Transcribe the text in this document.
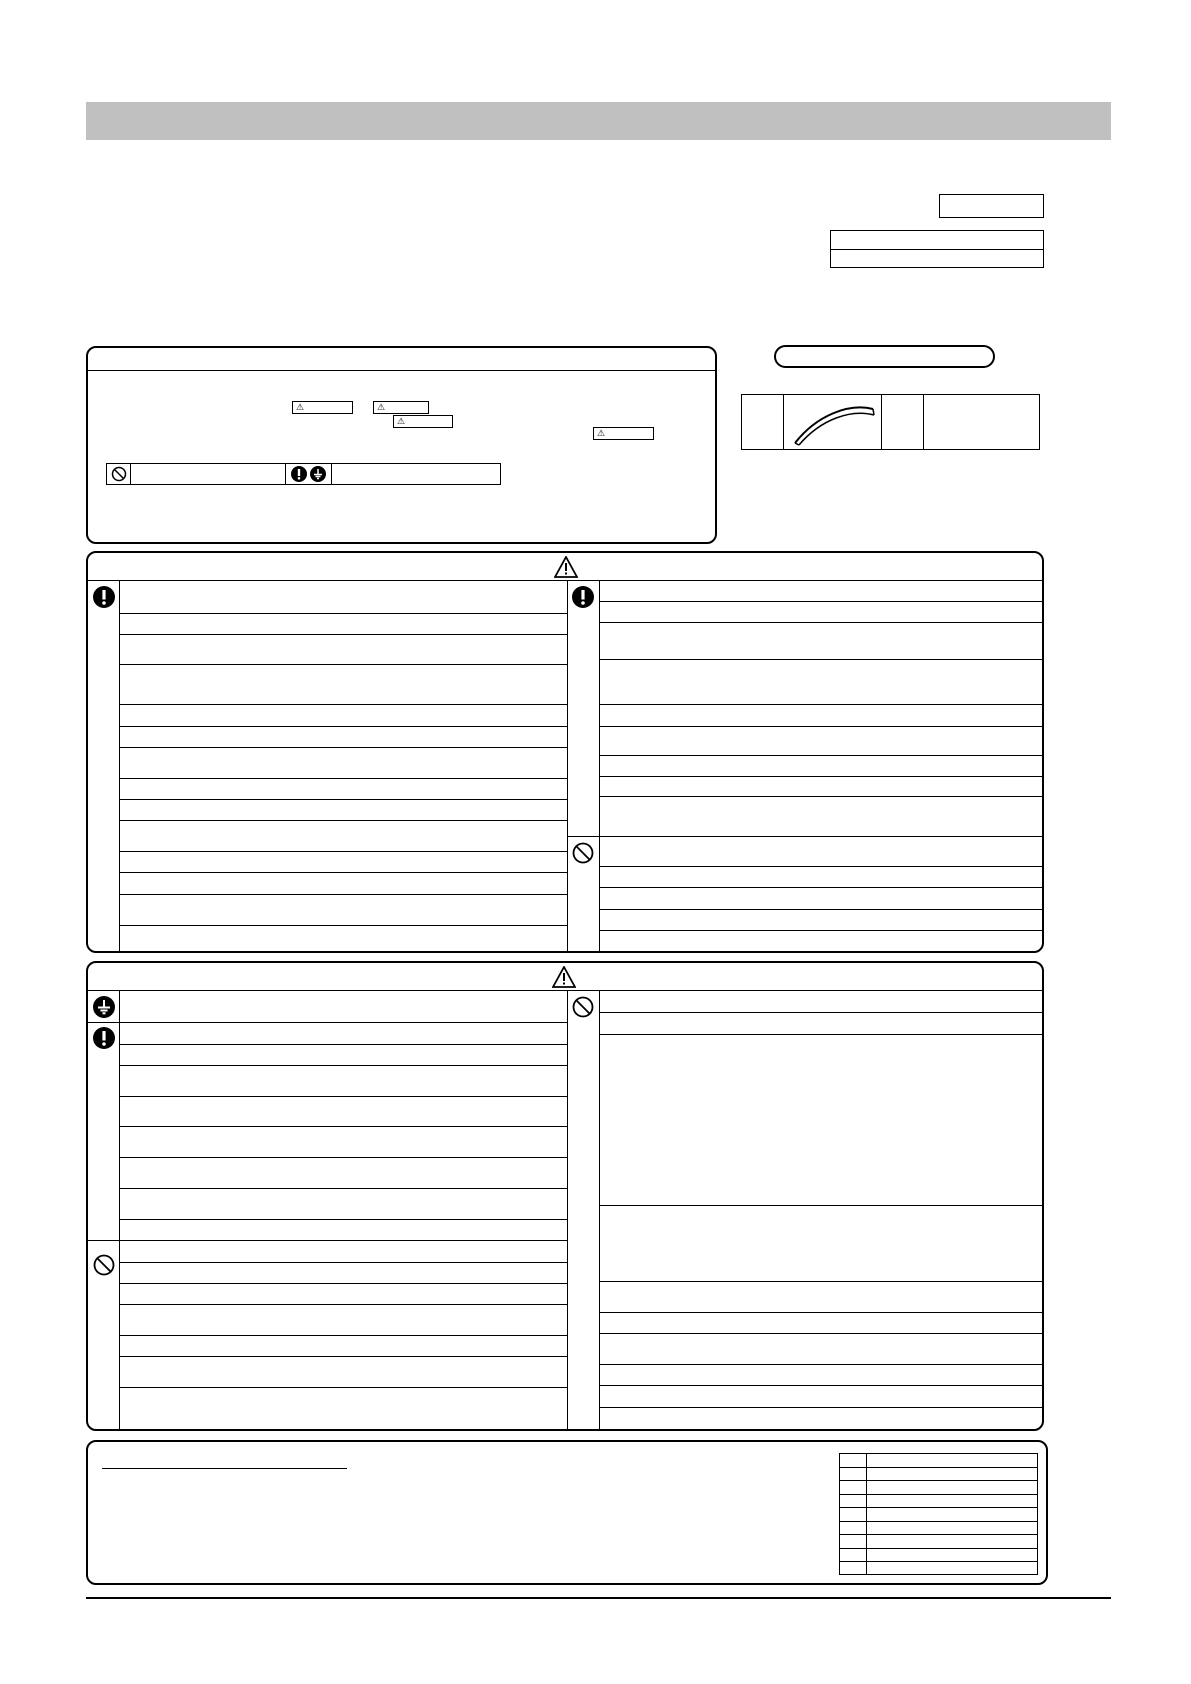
⚠	⚠
⚠
⚠
